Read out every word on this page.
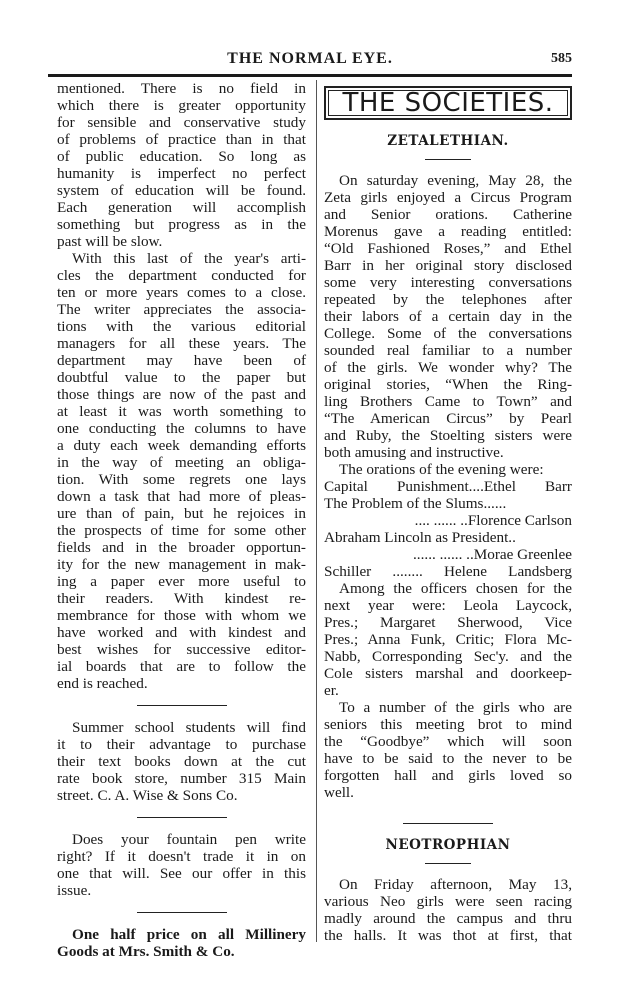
THE NORMAL EYE.	585

mentioned. There is no field in
which there is greater opportunity
for sensible and conservative study
of problems of practice than in that
of public education. So long as
humanity is imperfect no perfect
system of education will be found.
Each generation will accomplish
something but progress as in the
past will be slow.

With this last of the year's arti-
cles the department conducted for
ten or more years comes to a close.
The writer appreciates the associa-
tions with the various editorial
managers for all these years. The
department may have been of
doubtful value to the paper but
those things are now of the past and
at least it was worth something to
one conducting the columns to have
a duty each week demanding efforts
in the way of meeting an obliga-
tion. With some regrets one lays
down a task that had more of pleas-
ure than of pain, but he rejoices in
the prospects of time for some other
fields and in the broader opportun-
ity for the new management in mak-
ing a paper ever more useful to
their readers. With kindest re-
membrance for those with whom we
have worked and with kindest and
best wishes for successive editor-
ial boards that are to follow the
end is reached.

Summer school students will find
it to their advantage to purchase
their text books down at the cut
rate book store, number 315 Main
street. C. A. Wise & Sons Co.

Does your fountain pen write
right? If it doesn't trade it in on
one that will. See our offer in this
issue.

One half price on all Millinery
Goods at Mrs. Smith & Co.

THE SOCIETIES.
ZETALETHIAN.

On saturday evening, May 28, the
Zeta girls enjoyed a Circus Program
and Senior orations. Catherine
Morenus gave a reading entitled:
“Old Fashioned Roses,” and Ethel
Barr in her original story disclosed
some very interesting conversations
repeated by the telephones after
their labors of a certain day in the
College. Some of the conversations
sounded real familiar to a number
of the girls. We wonder why? The
original stories, “When the Ring-
ling Brothers Came to Town” and
“The American Circus” by Pearl
and Ruby, the Stoelting sisters were
both amusing and instructive.

The orations of the evening were:

Capital Punishment....Ethel Barr
The Problem of the Slums......
.... ...... ..Florence Carlson
Abraham Lincoln as President..
...... ...... ..Morae Greenlee
Schiller ........ Helene Landsberg

Among the officers chosen for the
next year were: Leola Laycock,
Pres.; Margaret Sherwood, Vice
Pres.; Anna Funk, Critic; Flora Mc-
Nabb, Corresponding Sec'y. and the
Cole sisters marshal and doorkeep-
er.

To a number of the girls who are
seniors this meeting brot to mind
the “Goodbye” which will soon
have to be said to the never to be
forgotten hall and girls loved so
well.

NEOTROPHIAN

On Friday afternoon, May 13,
various Neo girls were seen racing
madly around the campus and thru
the halls. It was thot at first, that
